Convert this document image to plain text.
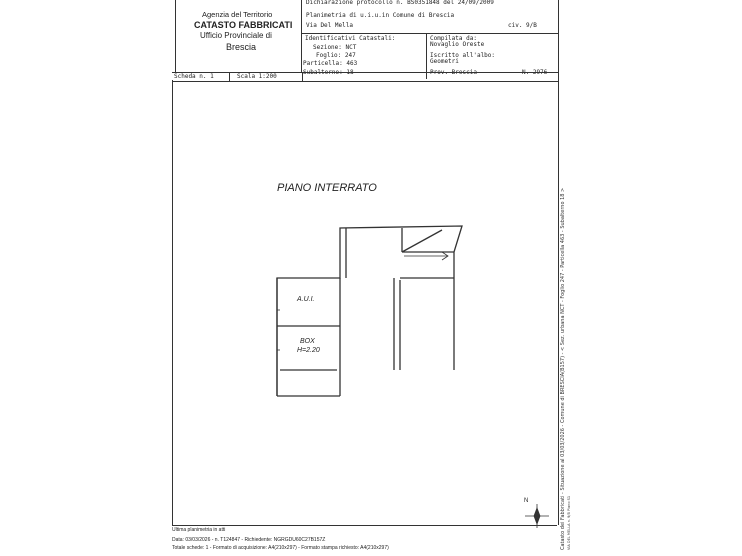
Agenzia del Territorio
CATASTO FABBRICATI
Ufficio Provinciale di
Brescia
Dichiarazione protocollo n. BS0351848 del 24/09/2009
Planimetria di u.i.u.in Comune di Brescia
Via Del Mella	civ. 9/B
Identificativi Catastali:
Sezione: NCT
Foglio: 247
Particella: 463
Subalterno: 18
Compilata da:
Novaglio Oreste
Iscritto all'albo:
Geometri
Prov. Brescia	N. 2976
Scheda n. 1	Scala 1:200
PIANO INTERRATO
A.U.I.
BOX
H=2.20
N
Ultima planimetria in atti
Data: 03/03/2026 - n. T124847 - Richiedente: NGRGDU60C27B157Z
Totale schede: 1 - Formato di acquisizione: A4(210x297) - Formato stampa richiesto: A4(210x297)	Catasto dei Fabbricati - Situazione al 03/03/2026 - Comune di BRESCIA(B157) - < Sez. urbana NCT - Foglio 247 - Particella 463 - Subalterno 18 > VIA DEL MELLA n. 9/B Piano S1
